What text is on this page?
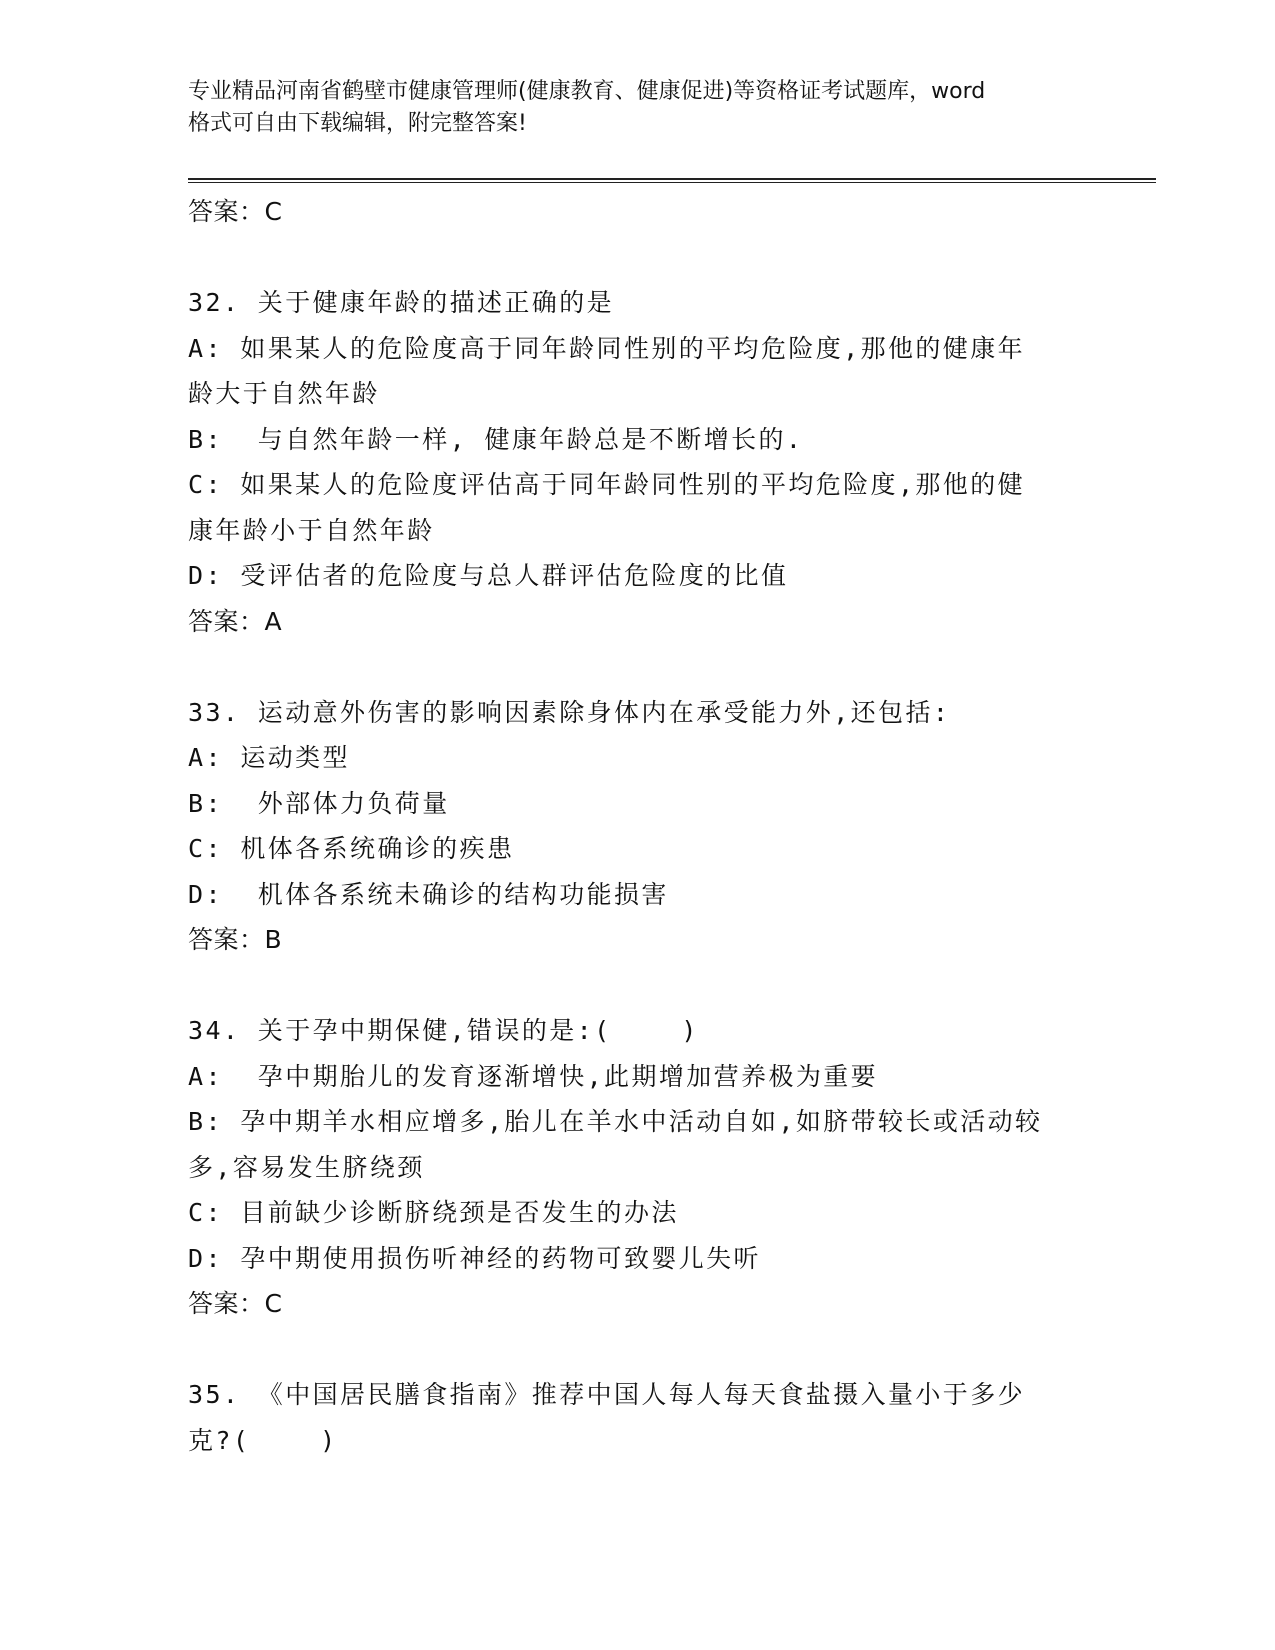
专业精品河南省鹤壁市健康管理师(健康教育、健康促进)等资格证考试题库，word
格式可自由下载编辑，附完整答案!
答案：C
32. 关于健康年龄的描述正确的是
A: 如果某人的危险度高于同年龄同性别的平均危险度,那他的健康年
龄大于自然年龄
B:  与自然年龄一样, 健康年龄总是不断增长的.
C: 如果某人的危险度评估高于同年龄同性别的平均危险度,那他的健
康年龄小于自然年龄
D: 受评估者的危险度与总人群评估危险度的比值
答案：A
33. 运动意外伤害的影响因素除身体内在承受能力外,还包括:
A: 运动类型
B:  外部体力负荷量
C: 机体各系统确诊的疾患
D:  机体各系统未确诊的结构功能损害
答案：B
34. 关于孕中期保健,错误的是:(    )
A:  孕中期胎儿的发育逐渐增快,此期增加营养极为重要
B: 孕中期羊水相应增多,胎儿在羊水中活动自如,如脐带较长或活动较
多,容易发生脐绕颈
C: 目前缺少诊断脐绕颈是否发生的办法
D: 孕中期使用损伤听神经的药物可致婴儿失听
答案：C
35. 《中国居民膳食指南》推荐中国人每人每天食盐摄入量小于多少
克?(    )
